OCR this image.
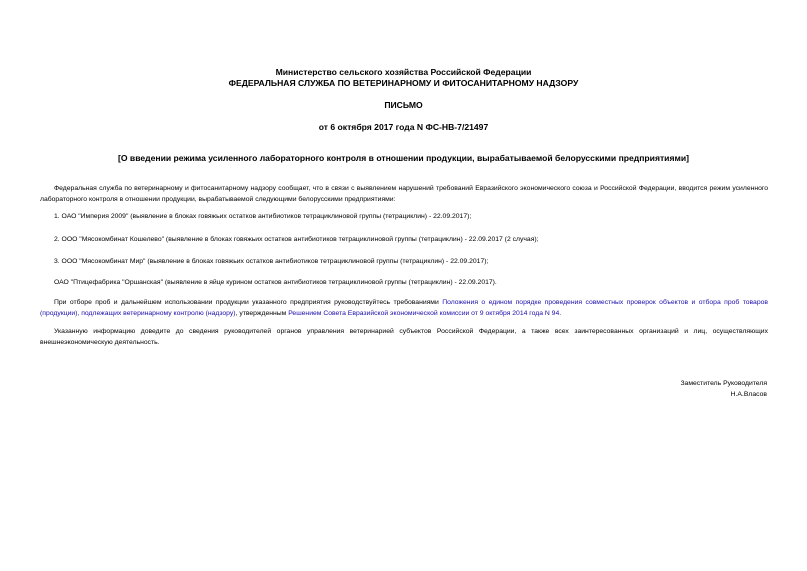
Министерство сельского хозяйства Российской Федерации
ФЕДЕРАЛЬНАЯ СЛУЖБА ПО ВЕТЕРИНАРНОМУ И ФИТОСАНИТАРНОМУ НАДЗОРУ
ПИСЬМО
от 6 октября 2017 года N ФС-НВ-7/21497
[О введении режима усиленного лабораторного контроля в отношении продукции, вырабатываемой белорусскими предприятиями]
Федеральная служба по ветеринарному и фитосанитарному надзору сообщает, что в связи с выявлением нарушений требований Евразийского экономического союза и Российской Федерации, вводится режим усиленного лабораторного контроля в отношении продукции, вырабатываемой следующими белорусскими предприятиями:
1. ОАО "Империя 2009" (выявление в блоках говяжьих остатков антибиотиков тетрациклиновой группы (тетрациклин) - 22.09.2017);
2. ООО "Мясокомбинат Кошелево" (выявление в блоках говяжьих остатков антибиотиков тетрациклиновой группы (тетрациклин) - 22.09.2017 (2 случая);
3. ООО "Мясокомбинат Мир" (выявление в блоках говяжьих остатков антибиотиков тетрациклиновой группы (тетрациклин) - 22.09.2017);
ОАО "Птицефабрика "Оршанская" (выявление в яйце курином остатков антибиотиков тетрациклиновой группы (тетрациклин) - 22.09.2017).
При отборе проб и дальнейшем использовании продукции указанного предприятия руководствуйтесь требованиями Положения о едином порядке проведения совместных проверок объектов и отбора проб товаров (продукции), подлежащих ветеринарному контролю (надзору), утвержденным Решением Совета Евразийской экономической комиссии от 9 октября 2014 года N 94.
Указанную информацию доведите до сведения руководителей органов управления ветеринарией субъектов Российской Федерации, а также всех заинтересованных организаций и лиц, осуществляющих внешнеэкономическую деятельность.
Заместитель Руководителя
Н.А.Власов
